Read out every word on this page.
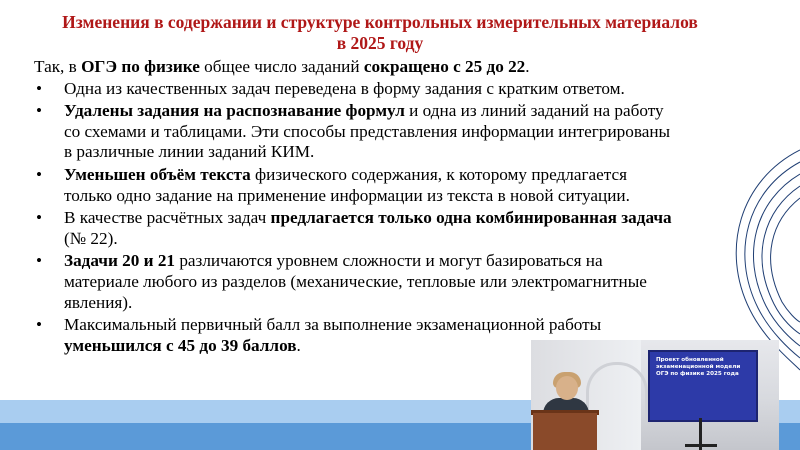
Изменения в содержании и структуре контрольных измерительных материалов в 2025 году

Так, в ОГЭ по физике общее число заданий сокращено с 25 до 22.

• Одна из качественных задач переведена в форму задания с кратким ответом.
• Удалены задания на распознавание формул и одна из линий заданий на работу со схемами и таблицами. Эти способы представления информации интегрированы в различные линии заданий КИМ.
• Уменьшен объём текста физического содержания, к которому предлагается только одно задание на применение информации из текста в новой ситуации.
• В качестве расчётных задач предлагается только одна комбинированная задача (№ 22).
• Задачи 20 и 21 различаются уровнем сложности и могут базироваться на материале любого из разделов (механические, тепловые или электромагнитные явления).
• Максимальный первичный балл за выполнение экзаменационной работы уменьшился с 45 до 39 баллов.
Проект обновленной экзаменационной модели ОГЭ по физике 2025 года
